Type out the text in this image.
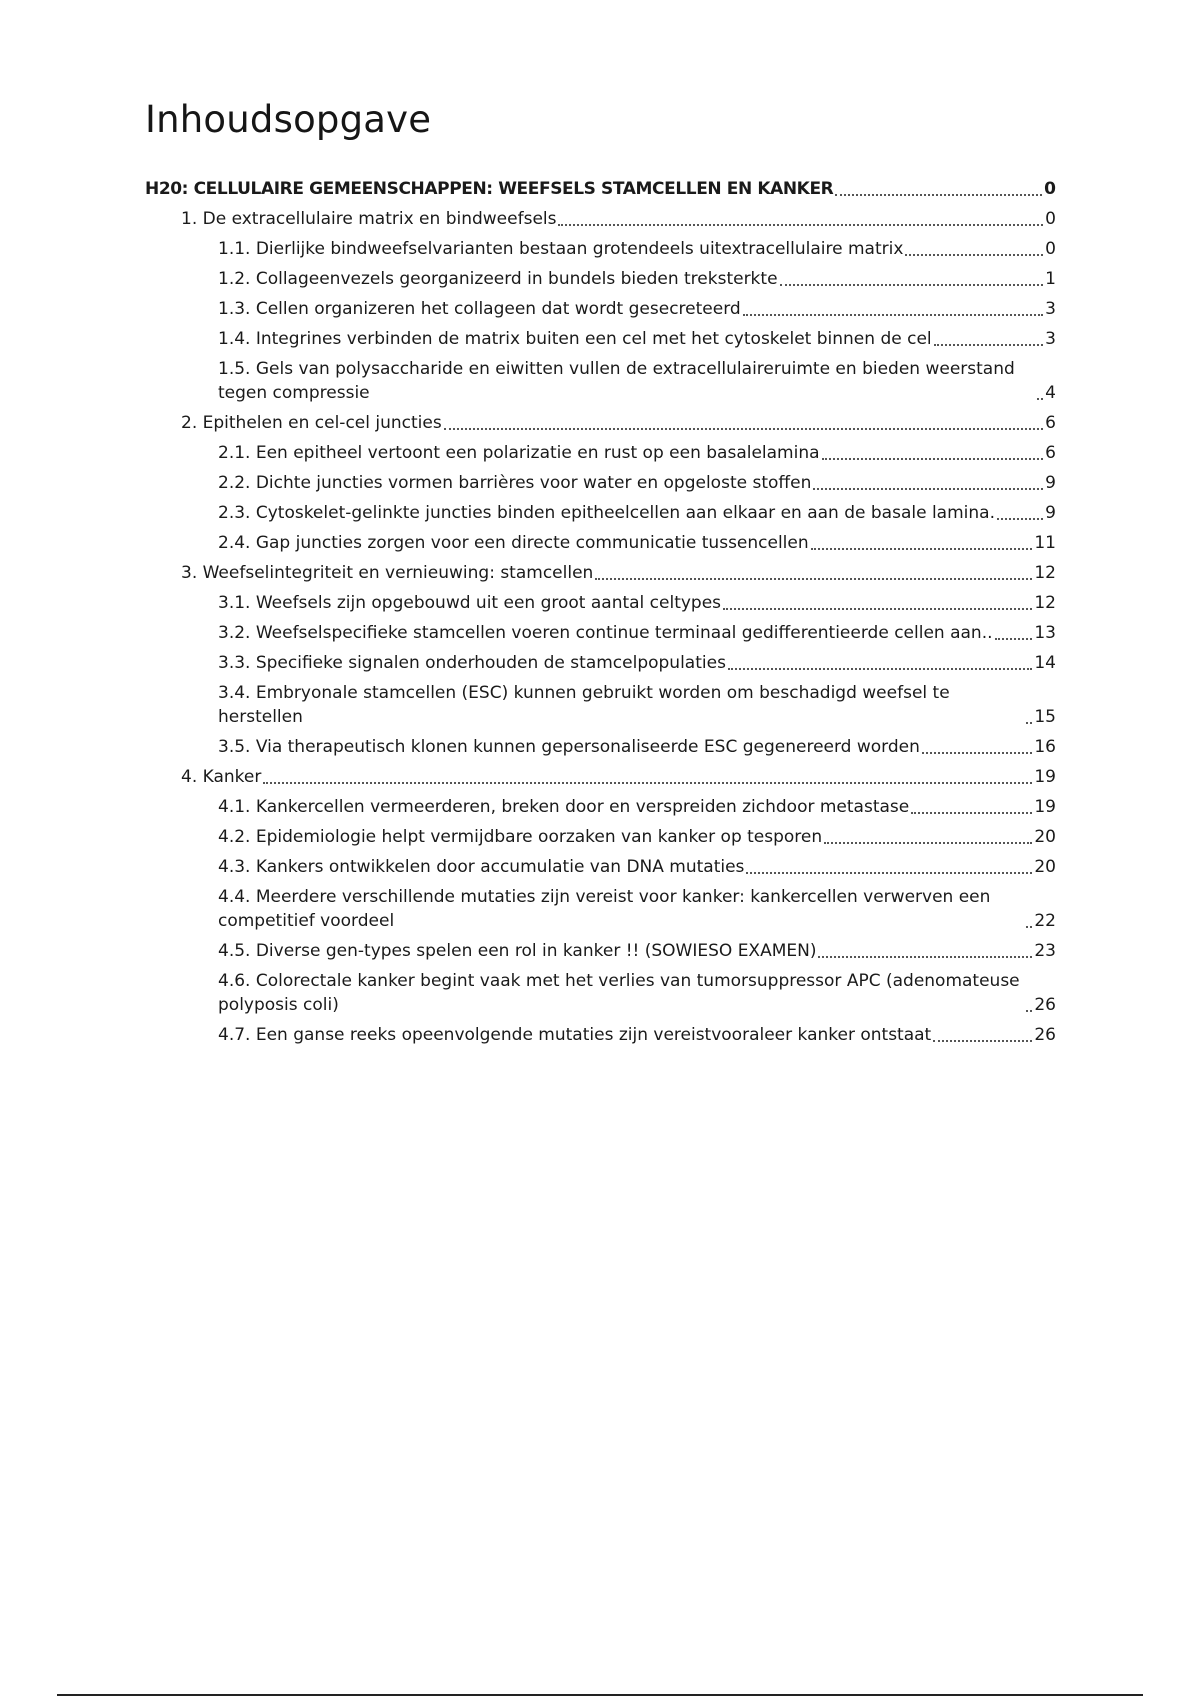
Inhoudsopgave
H20: CELLULAIRE GEMEENSCHAPPEN: WEEFSELS STAMCELLEN EN KANKER	0
1. De extracellulaire matrix en bindweefsels	0
1.1. Dierlijke bindweefselvarianten bestaan grotendeels uitextracellulaire matrix	0
1.2. Collageenvezels georganizeerd in bundels bieden treksterkte	1
1.3. Cellen organizeren het collageen dat wordt gesecreteerd	3
1.4. Integrines verbinden de matrix buiten een cel met het cytoskelet binnen de cel	3
1.5. Gels van polysaccharide en eiwitten vullen de extracellulaireruimte en bieden weerstand tegen compressie	4
2. Epithelen en cel-cel juncties	6
2.1. Een epitheel vertoont een polarizatie en rust op een basalelamina	6
2.2. Dichte juncties vormen barrières voor water en opgeloste stoffen	9
2.3. Cytoskelet-gelinkte juncties binden epitheelcellen aan elkaar en aan de basale lamina.	9
2.4. Gap juncties zorgen voor een directe communicatie tussencellen	11
3. Weefselintegriteit en vernieuwing: stamcellen	12
3.1. Weefsels zijn opgebouwd uit een groot aantal celtypes	12
3.2. Weefselspecifieke stamcellen voeren continue terminaal gedifferentieerde cellen aan.. 13
3.3. Specifieke signalen onderhouden de stamcelpopulaties	14
3.4. Embryonale stamcellen (ESC) kunnen gebruikt worden om beschadigd weefsel te herstellen	15
3.5. Via therapeutisch klonen kunnen gepersonaliseerde ESC gegenereerd worden	16
4. Kanker	19
4.1. Kankercellen vermeerderen, breken door en verspreiden zichdoor metastase	19
4.2. Epidemiologie helpt vermijdbare oorzaken van kanker op tesporen	20
4.3. Kankers ontwikkelen door accumulatie van DNA mutaties	20
4.4. Meerdere verschillende mutaties zijn vereist voor kanker: kankercellen verwerven een competitief voordeel	22
4.5. Diverse gen-types spelen een rol in kanker !! (SOWIESO EXAMEN)	23
4.6. Colorectale kanker begint vaak met het verlies van tumorsuppressor APC (adenomateuse polyposis coli)	26
4.7. Een ganse reeks opeenvolgende mutaties zijn vereistvooraleer kanker ontstaat	26
